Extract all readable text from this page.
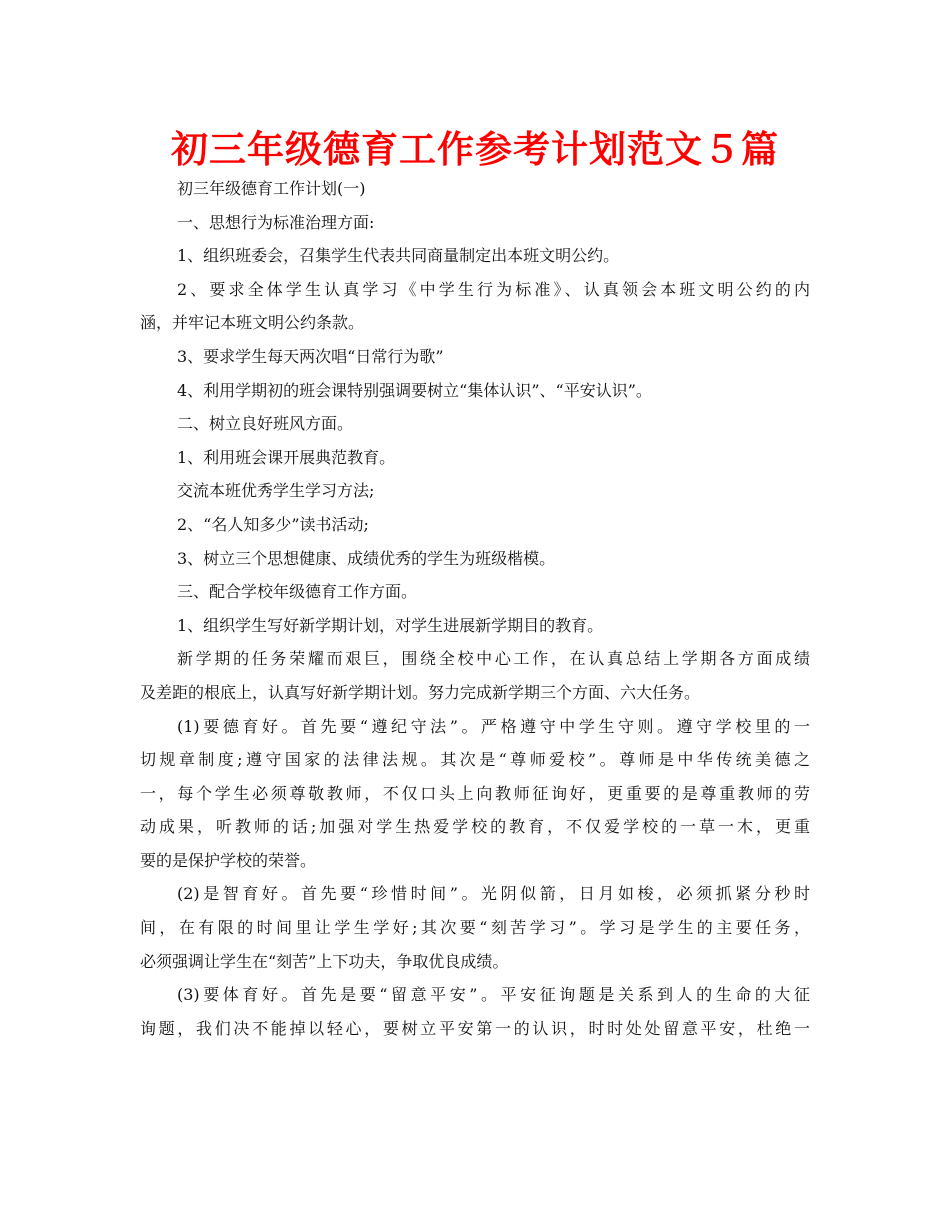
初三年级德育工作参考计划范文５篇
初三年级德育工作计划(一)
一、思想行为标准治理方面:
1、组织班委会，召集学生代表共同商量制定出本班文明公约。
2、要求全体学生认真学习《中学生行为标准》、认真领会本班文明公约的内
涵，并牢记本班文明公约条款。
3、要求学生每天两次唱“日常行为歌”
4、利用学期初的班会课特别强调要树立“集体认识”、“平安认识”。
二、树立良好班风方面。
1、利用班会课开展典范教育。
交流本班优秀学生学习方法;
2、“名人知多少”读书活动;
3、树立三个思想健康、成绩优秀的学生为班级楷模。
三、配合学校年级德育工作方面。
1、组织学生写好新学期计划，对学生进展新学期目的教育。
新学期的任务荣耀而艰巨，围绕全校中心工作，在认真总结上学期各方面成绩
及差距的根底上，认真写好新学期计划。努力完成新学期三个方面、六大任务。
(1)要德育好。首先要“遵纪守法”。严格遵守中学生守则。遵守学校里的一
切规章制度;遵守国家的法律法规。其次是“尊师爱校”。尊师是中华传统美德之
一，每个学生必须尊敬教师，不仅口头上向教师征询好，更重要的是尊重教师的劳
动成果，听教师的话;加强对学生热爱学校的教育，不仅爱学校的一草一木，更重
要的是保护学校的荣誉。
(2)是智育好。首先要“珍惜时间”。光阴似箭，日月如梭，必须抓紧分秒时
间，在有限的时间里让学生学好;其次要“刻苦学习”。学习是学生的主要任务，
必须强调让学生在“刻苦”上下功夫，争取优良成绩。
(3)要体育好。首先是要“留意平安”。平安征询题是关系到人的生命的大征
询题，我们决不能掉以轻心，要树立平安第一的认识，时时处处留意平安，杜绝一
